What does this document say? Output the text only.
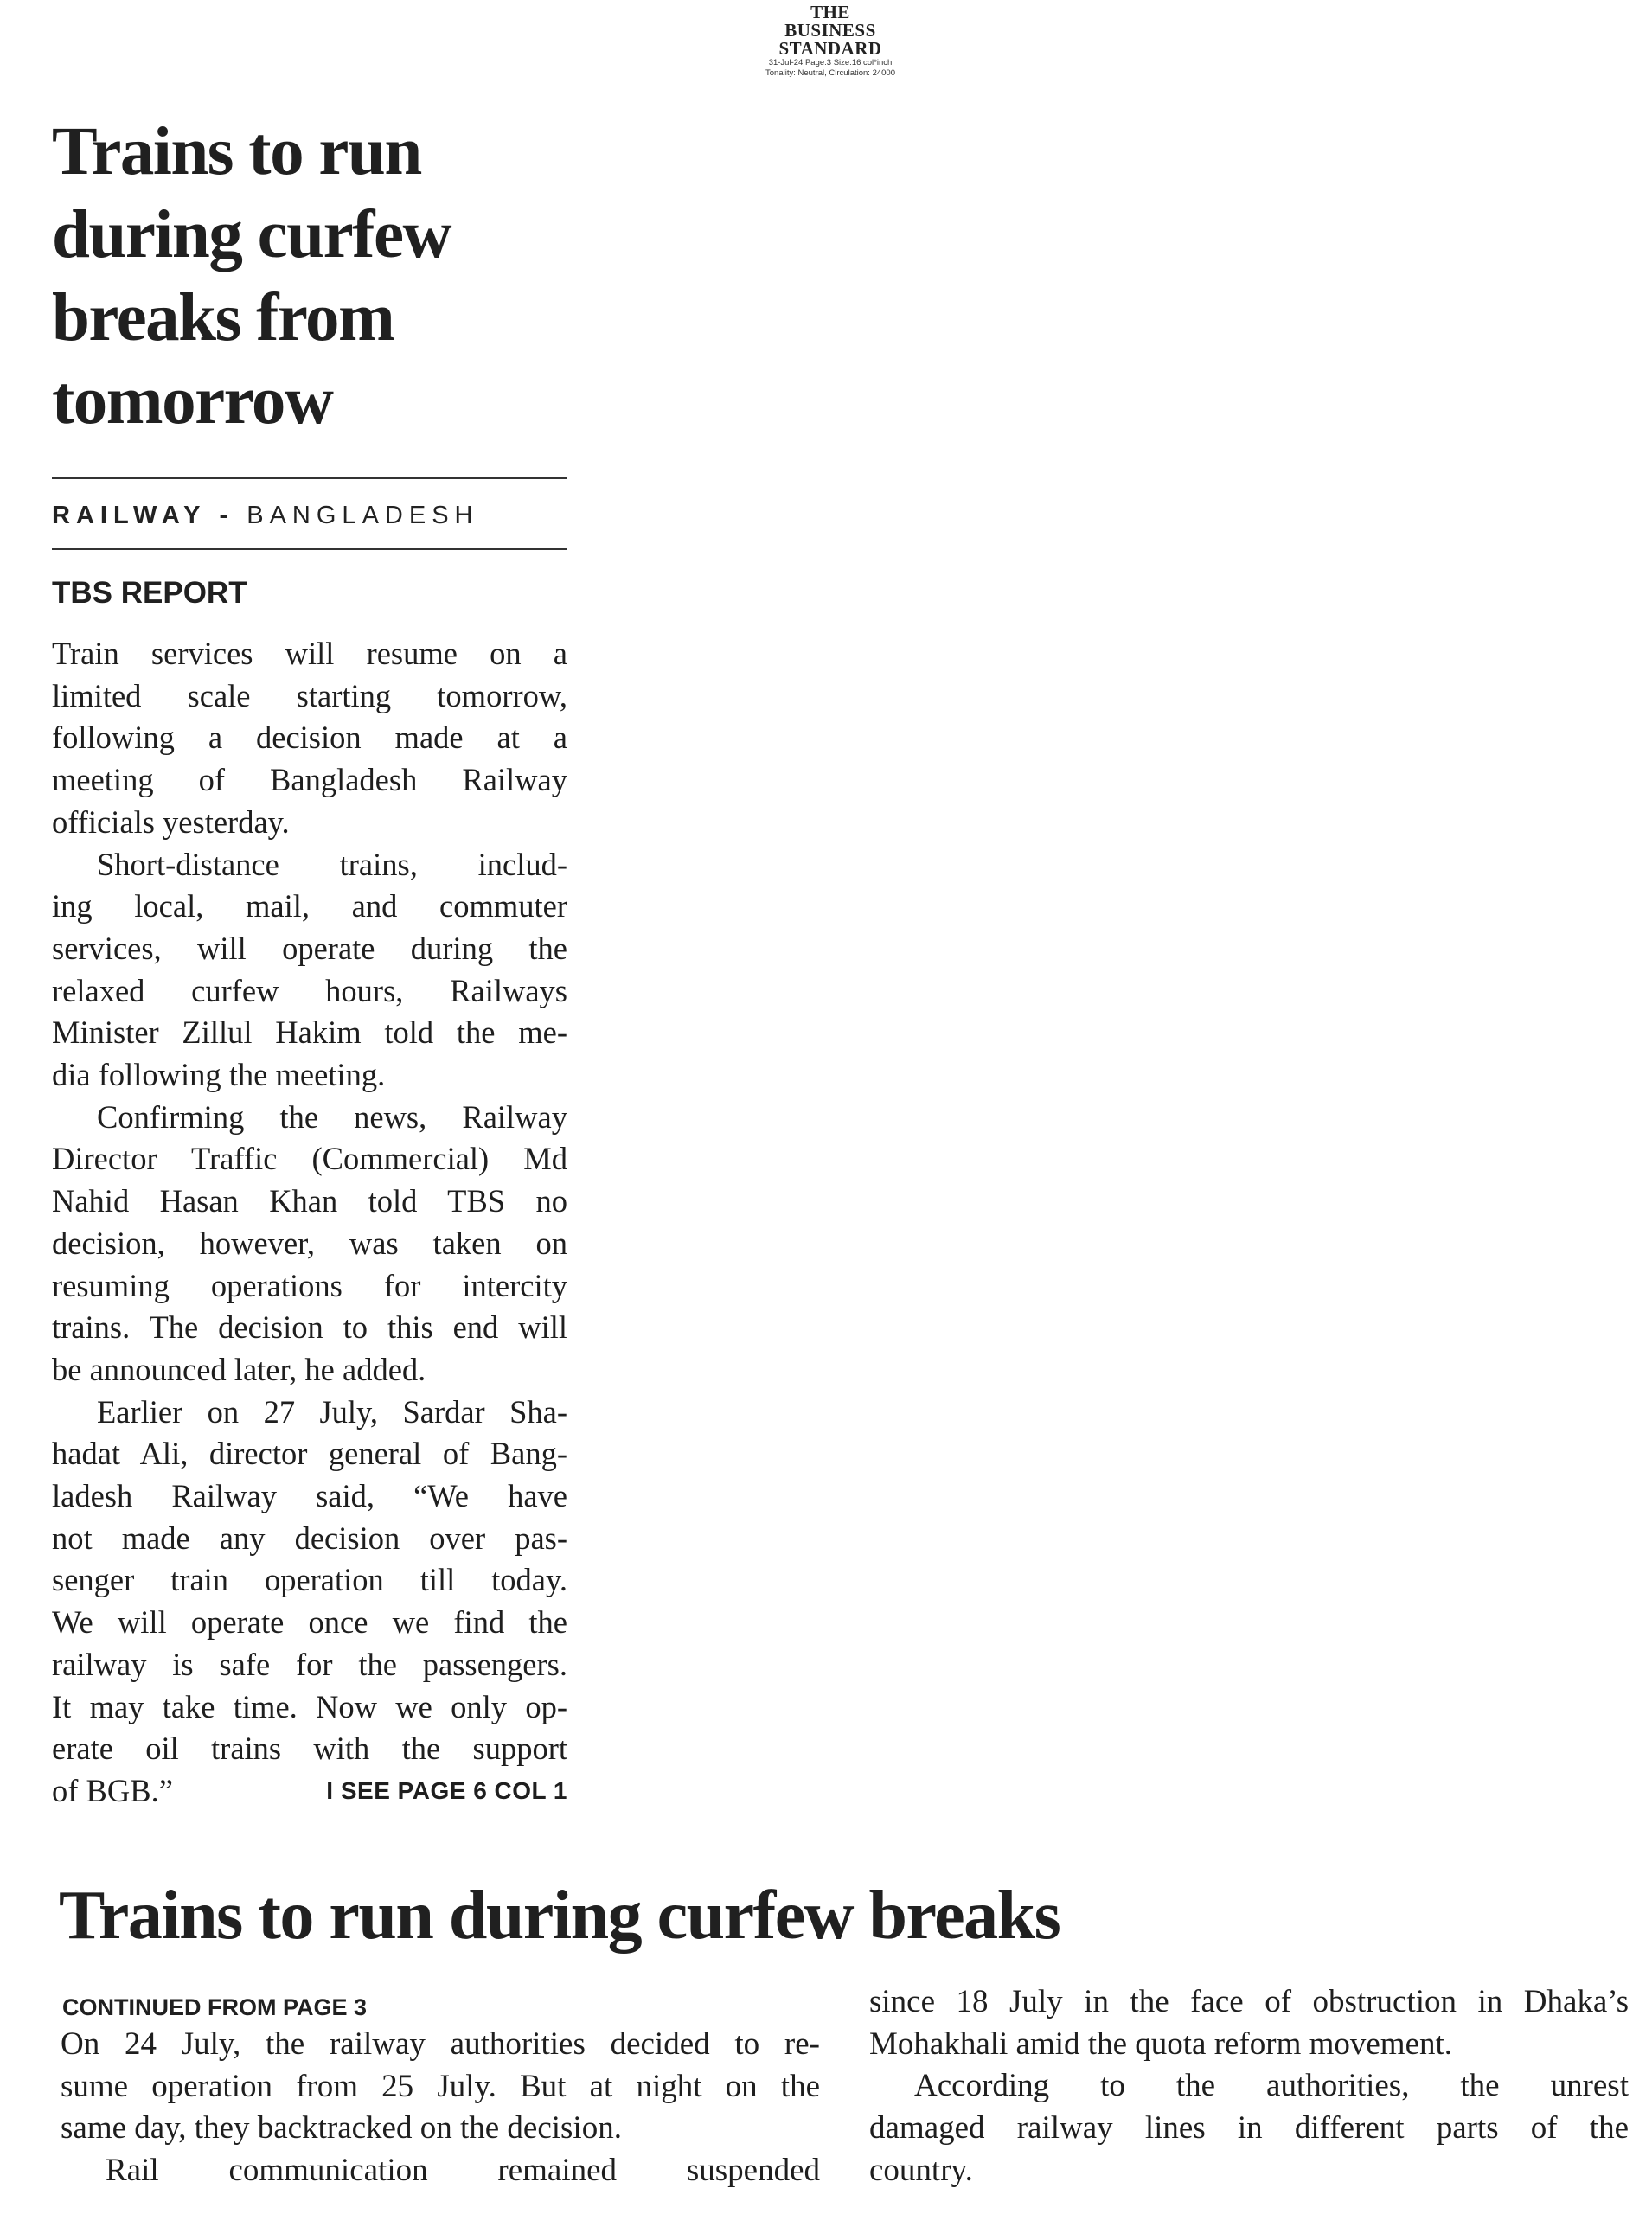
THE
BUSINESS
STANDARD
31-Jul-24 Page:3 Size:16 col*inch
Tonality: Neutral, Circulation: 24000
Trains to run
during curfew
breaks from
tomorrow
RAILWAY - BANGLADESH
TBS REPORT
Train services will resume on a
limited scale starting tomorrow,
following a decision made at a
meeting of Bangladesh Railway
officials yesterday.
Short-distance trains, includ-
ing local, mail, and commuter
services, will operate during the
relaxed curfew hours, Railways
Minister Zillul Hakim told the me-
dia following the meeting.
Confirming the news, Railway
Director Traffic (Commercial) Md
Nahid Hasan Khan told TBS no
decision, however, was taken on
resuming operations for intercity
trains. The decision to this end will
be announced later, he added.
Earlier on 27 July, Sardar Sha-
hadat Ali, director general of Bang-
ladesh Railway said, “We have
not made any decision over pas-
senger train operation till today.
We will operate once we find the
railway is safe for the passengers.
It may take time. Now we only op-
erate oil trains with the support
of BGB.”	I SEE PAGE 6 COL 1
Trains to run during curfew breaks
CONTINUED FROM PAGE 3
On 24 July, the railway authorities decided to re-
sume operation from 25 July. But at night on the
same day, they backtracked on the decision.
Rail communication remained suspended
since 18 July in the face of obstruction in Dhaka’s
Mohakhali amid the quota reform movement.
According to the authorities, the unrest
damaged railway lines in different parts of the
country.
